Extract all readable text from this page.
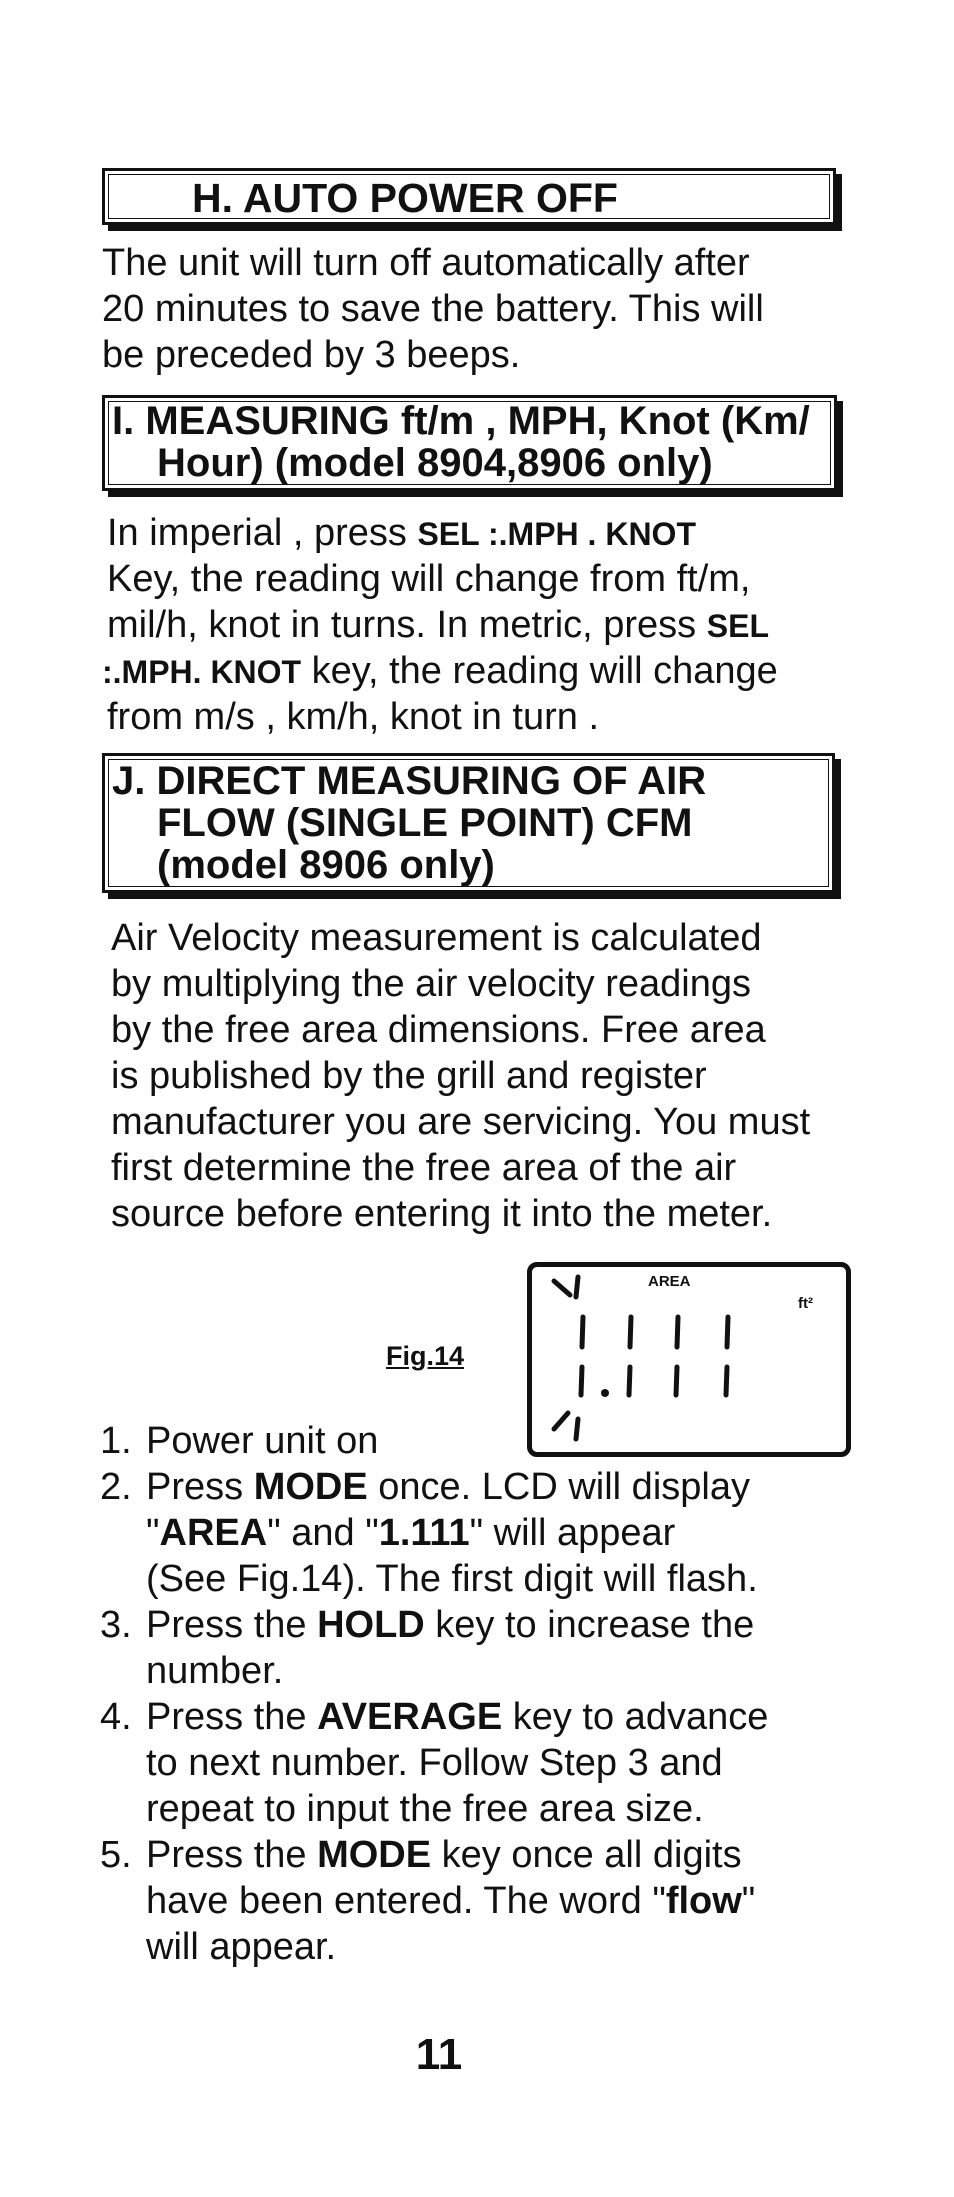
H. AUTO POWER OFF
The unit will turn off automatically after
20 minutes to save the battery. This will
be preceded by 3 beeps.
I. MEASURING ft/m , MPH, Knot (Km/
Hour) (model 8904,8906 only)
In imperial , press SEL :.MPH . KNOT
Key, the reading will change from ft/m,
mil/h, knot in turns. In metric, press SEL
:.MPH. KNOT key, the reading will change
from m/s , km/h, knot in turn .
J. DIRECT MEASURING OF AIR
FLOW (SINGLE POINT) CFM
(model 8906 only)
Air Velocity measurement is calculated
by multiplying the air velocity readings
by the free area dimensions. Free area
is published by the grill and register
manufacturer you are servicing. You must
first determine the free area of the air
source before entering it into the meter.
Fig.14
AREA
ft²
1. Power unit on
2. Press MODE once. LCD will display
"AREA" and "1.111" will appear
(See Fig.14). The first digit will flash.
3. Press the HOLD key to increase the
number.
4. Press the AVERAGE key to advance
to next number. Follow Step 3 and
repeat to input the free area size.
5. Press the MODE key once all digits
have been entered. The word "flow"
will appear.
11
